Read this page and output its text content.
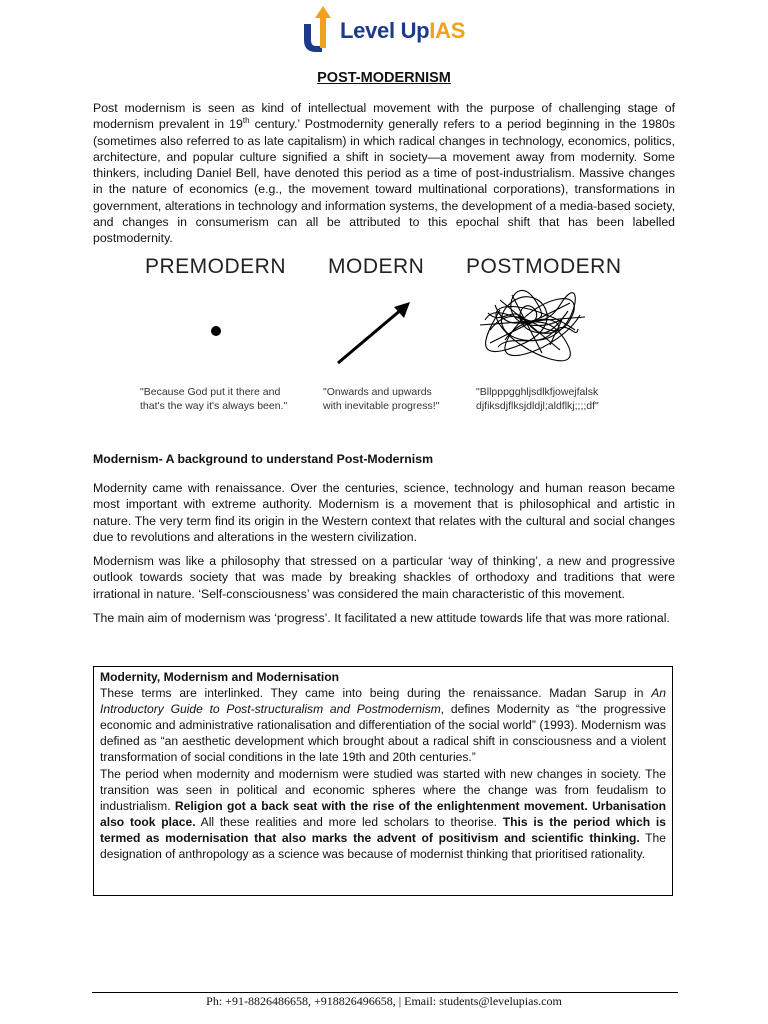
Level UpIAS
POST-MODERNISM

Post modernism is seen as kind of intellectual movement with the purpose of challenging stage of modernism prevalent in 19th century.’ Postmodernity generally refers to a period beginning in the 1980s (sometimes also referred to as late capitalism) in which radical changes in technology, economics, politics, architecture, and popular culture signified a shift in society—a movement away from modernity. Some thinkers, including Daniel Bell, have denoted this period as a time of post-industrialism. Massive changes in the nature of economics (e.g., the movement toward multinational corporations), transformations in government, alterations in technology and information systems, the development of a media-based society, and changes in consumerism can all be attributed to this epochal shift that has been labelled postmodernity.

PREMODERN MODERN POSTMODERN
"Because God put it there and
that's the way it's always been."
"Onwards and upwards
with inevitable progress!"
"Bllpppgghljsdlkfjowejfalsk
djfiksdjflksjdldjl;aldflkj;;;;df"
Modernism- A background to understand Post-Modernism

Modernity came with renaissance. Over the centuries, science, technology and human reason became most important with extreme authority. Modernism is a movement that is philosophical and artistic in nature. The very term find its origin in the Western context that relates with the cultural and social changes due to revolutions and alterations in the western civilization.

Modernism was like a philosophy that stressed on a particular ‘way of thinking’, a new and progressive outlook towards society that was made by breaking shackles of orthodoxy and traditions that were irrational in nature. ‘Self-consciousness’ was considered the main characteristic of this movement.

The main aim of modernism was ‘progress’. It facilitated a new attitude towards life that was more rational.

Modernity, Modernism and Modernisation

These terms are interlinked. They came into being during the renaissance. Madan Sarup in An Introductory Guide to Post-structuralism and Postmodernism, defines Modernity as “the progressive economic and administrative rationalisation and differentiation of the social world” (1993). Modernism was defined as “an aesthetic development which brought about a radical shift in consciousness and a violent transformation of social conditions in the late 19th and 20th centuries.”

The period when modernity and modernism were studied was started with new changes in society. The transition was seen in political and economic spheres where the change was from feudalism to industrialism. Religion got a back seat with the rise of the enlightenment movement. Urbanisation also took place. All these realities and more led scholars to theorise. This is the period which is termed as modernisation that also marks the advent of positivism and scientific thinking. The designation of anthropology as a science was because of modernist thinking that prioritised rationality.

Ph: +91-8826486658, +918826496658, | Email: students@levelupias.com
